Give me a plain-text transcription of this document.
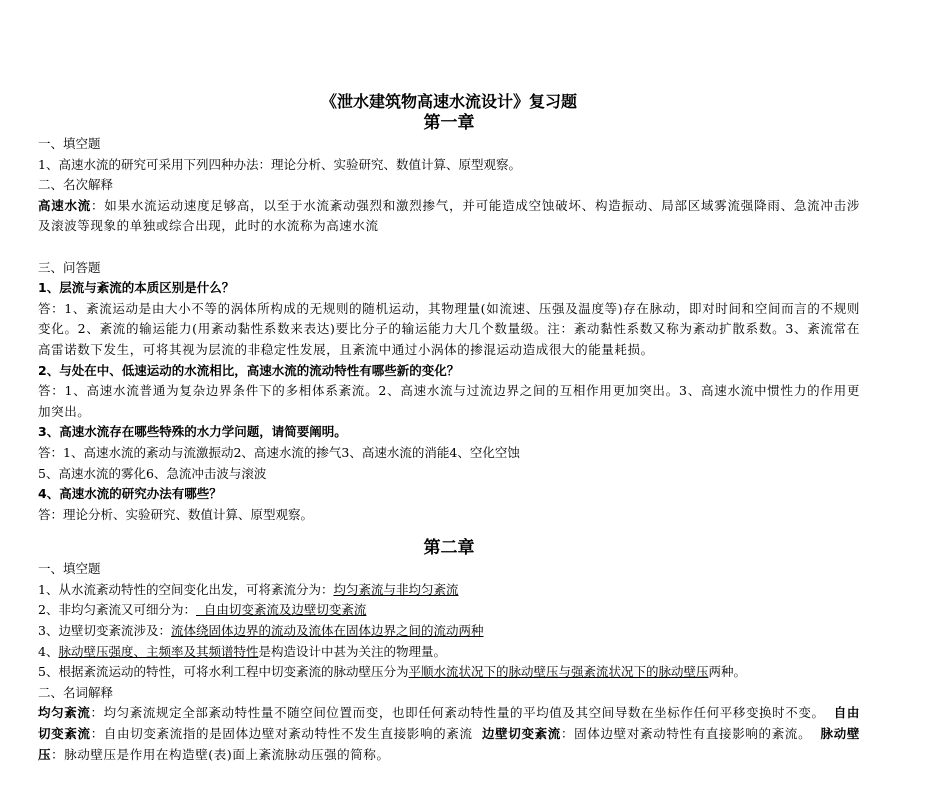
《泄水建筑物高速水流设计》复习题
第一章
一、填空题
1、高速水流的研究可采用下列四种办法：理论分析、实验研究、数值计算、原型观察。
二、名次解释
高速水流：如果水流运动速度足够高，以至于水流紊动强烈和激烈掺气，并可能造成空蚀破坏、构造振动、局部区域雾流强降雨、急流冲击涉及滚波等现象的单独或综合出现，此时的水流称为高速水流
三、问答题
1、层流与紊流的本质区别是什么？
答：1、紊流运动是由大小不等的涡体所构成的无规则的随机运动，其物理量(如流速、压强及温度等)存在脉动，即对时间和空间而言的不规则变化。2、紊流的输运能力(用紊动黏性系数来表达)要比分子的输运能力大几个数量级。注：紊动黏性系数又称为紊动扩散系数。3、紊流常在高雷诺数下发生，可将其视为层流的非稳定性发展，且紊流中通过小涡体的掺混运动造成很大的能量耗损。
2、与处在中、低速运动的水流相比，高速水流的流动特性有哪些新的变化？
答：1、高速水流普通为复杂边界条件下的多相体系紊流。2、高速水流与过流边界之间的互相作用更加突出。3、高速水流中惯性力的作用更加突出。
3、高速水流存在哪些特殊的水力学问题，请简要阐明。
答：1、高速水流的紊动与流激振动2、高速水流的掺气3、高速水流的消能4、空化空蚀
5、高速水流的雾化6、急流冲击波与滚波
4、高速水流的研究办法有哪些？
答：理论分析、实验研究、数值计算、原型观察。
第二章
一、填空题
1、从水流紊动特性的空间变化出发，可将紊流分为：均匀紊流与非均匀紊流
2、非均匀紊流又可细分为：  自由切变紊流及边壁切变紊流
3、边壁切变紊流涉及：流体绕固体边界的流动及流体在固体边界之间的流动两种
4、脉动壁压强度、主频率及其频谱特性是构造设计中甚为关注的物理量。
5、根据紊流运动的特性，可将水利工程中切变紊流的脉动壁压分为平顺水流状况下的脉动壁压与强紊流状况下的脉动壁压两种。
二、名词解释
均匀紊流：均匀紊流规定全部紊动特性量不随空间位置而变，也即任何紊动特性量的平均值及其空间导数在坐标作任何平移变换时不变。 自由切变紊流：自由切变紊流指的是固体边壁对紊动特性不发生直接影响的紊流 边壁切变紊流：固体边壁对紊动特性有直接影响的紊流。 脉动壁压：脉动壁压是作用在构造壁(表)面上紊流脉动压强的简称。
